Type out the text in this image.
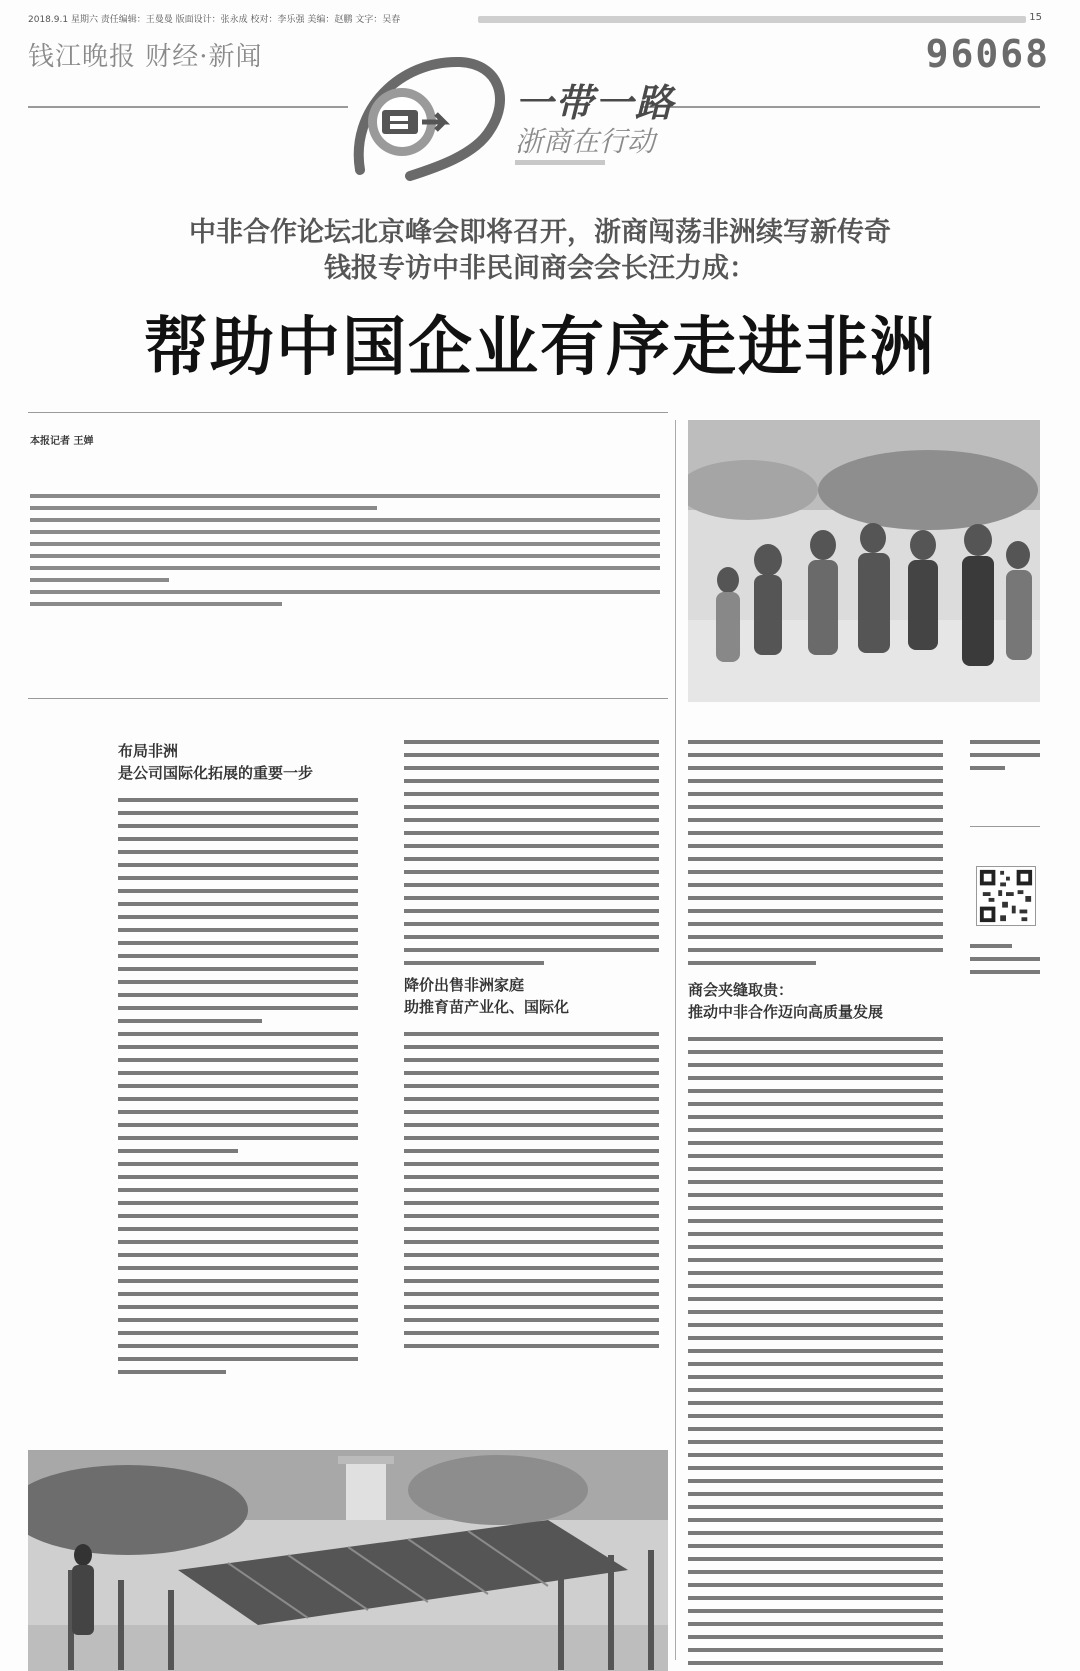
2018.9.1 星期六 责任编辑：王曼曼 版面设计：张永成 校对：李乐强 美编：赵鹏 文字：吴春	15
钱江晚报 财经·新闻	96068
一带一路
浙商在行动
中非合作论坛北京峰会即将召开，浙商闯荡非洲续写新传奇
钱报专访中非民间商会会长汪力成：
帮助中国企业有序走进非洲
本报记者 王婵
布局非洲
是公司国际化拓展的重要一步
降价出售非洲家庭
助推育苗产业化、国际化
商会夹缝取贵：
推动中非合作迈向高质量发展
